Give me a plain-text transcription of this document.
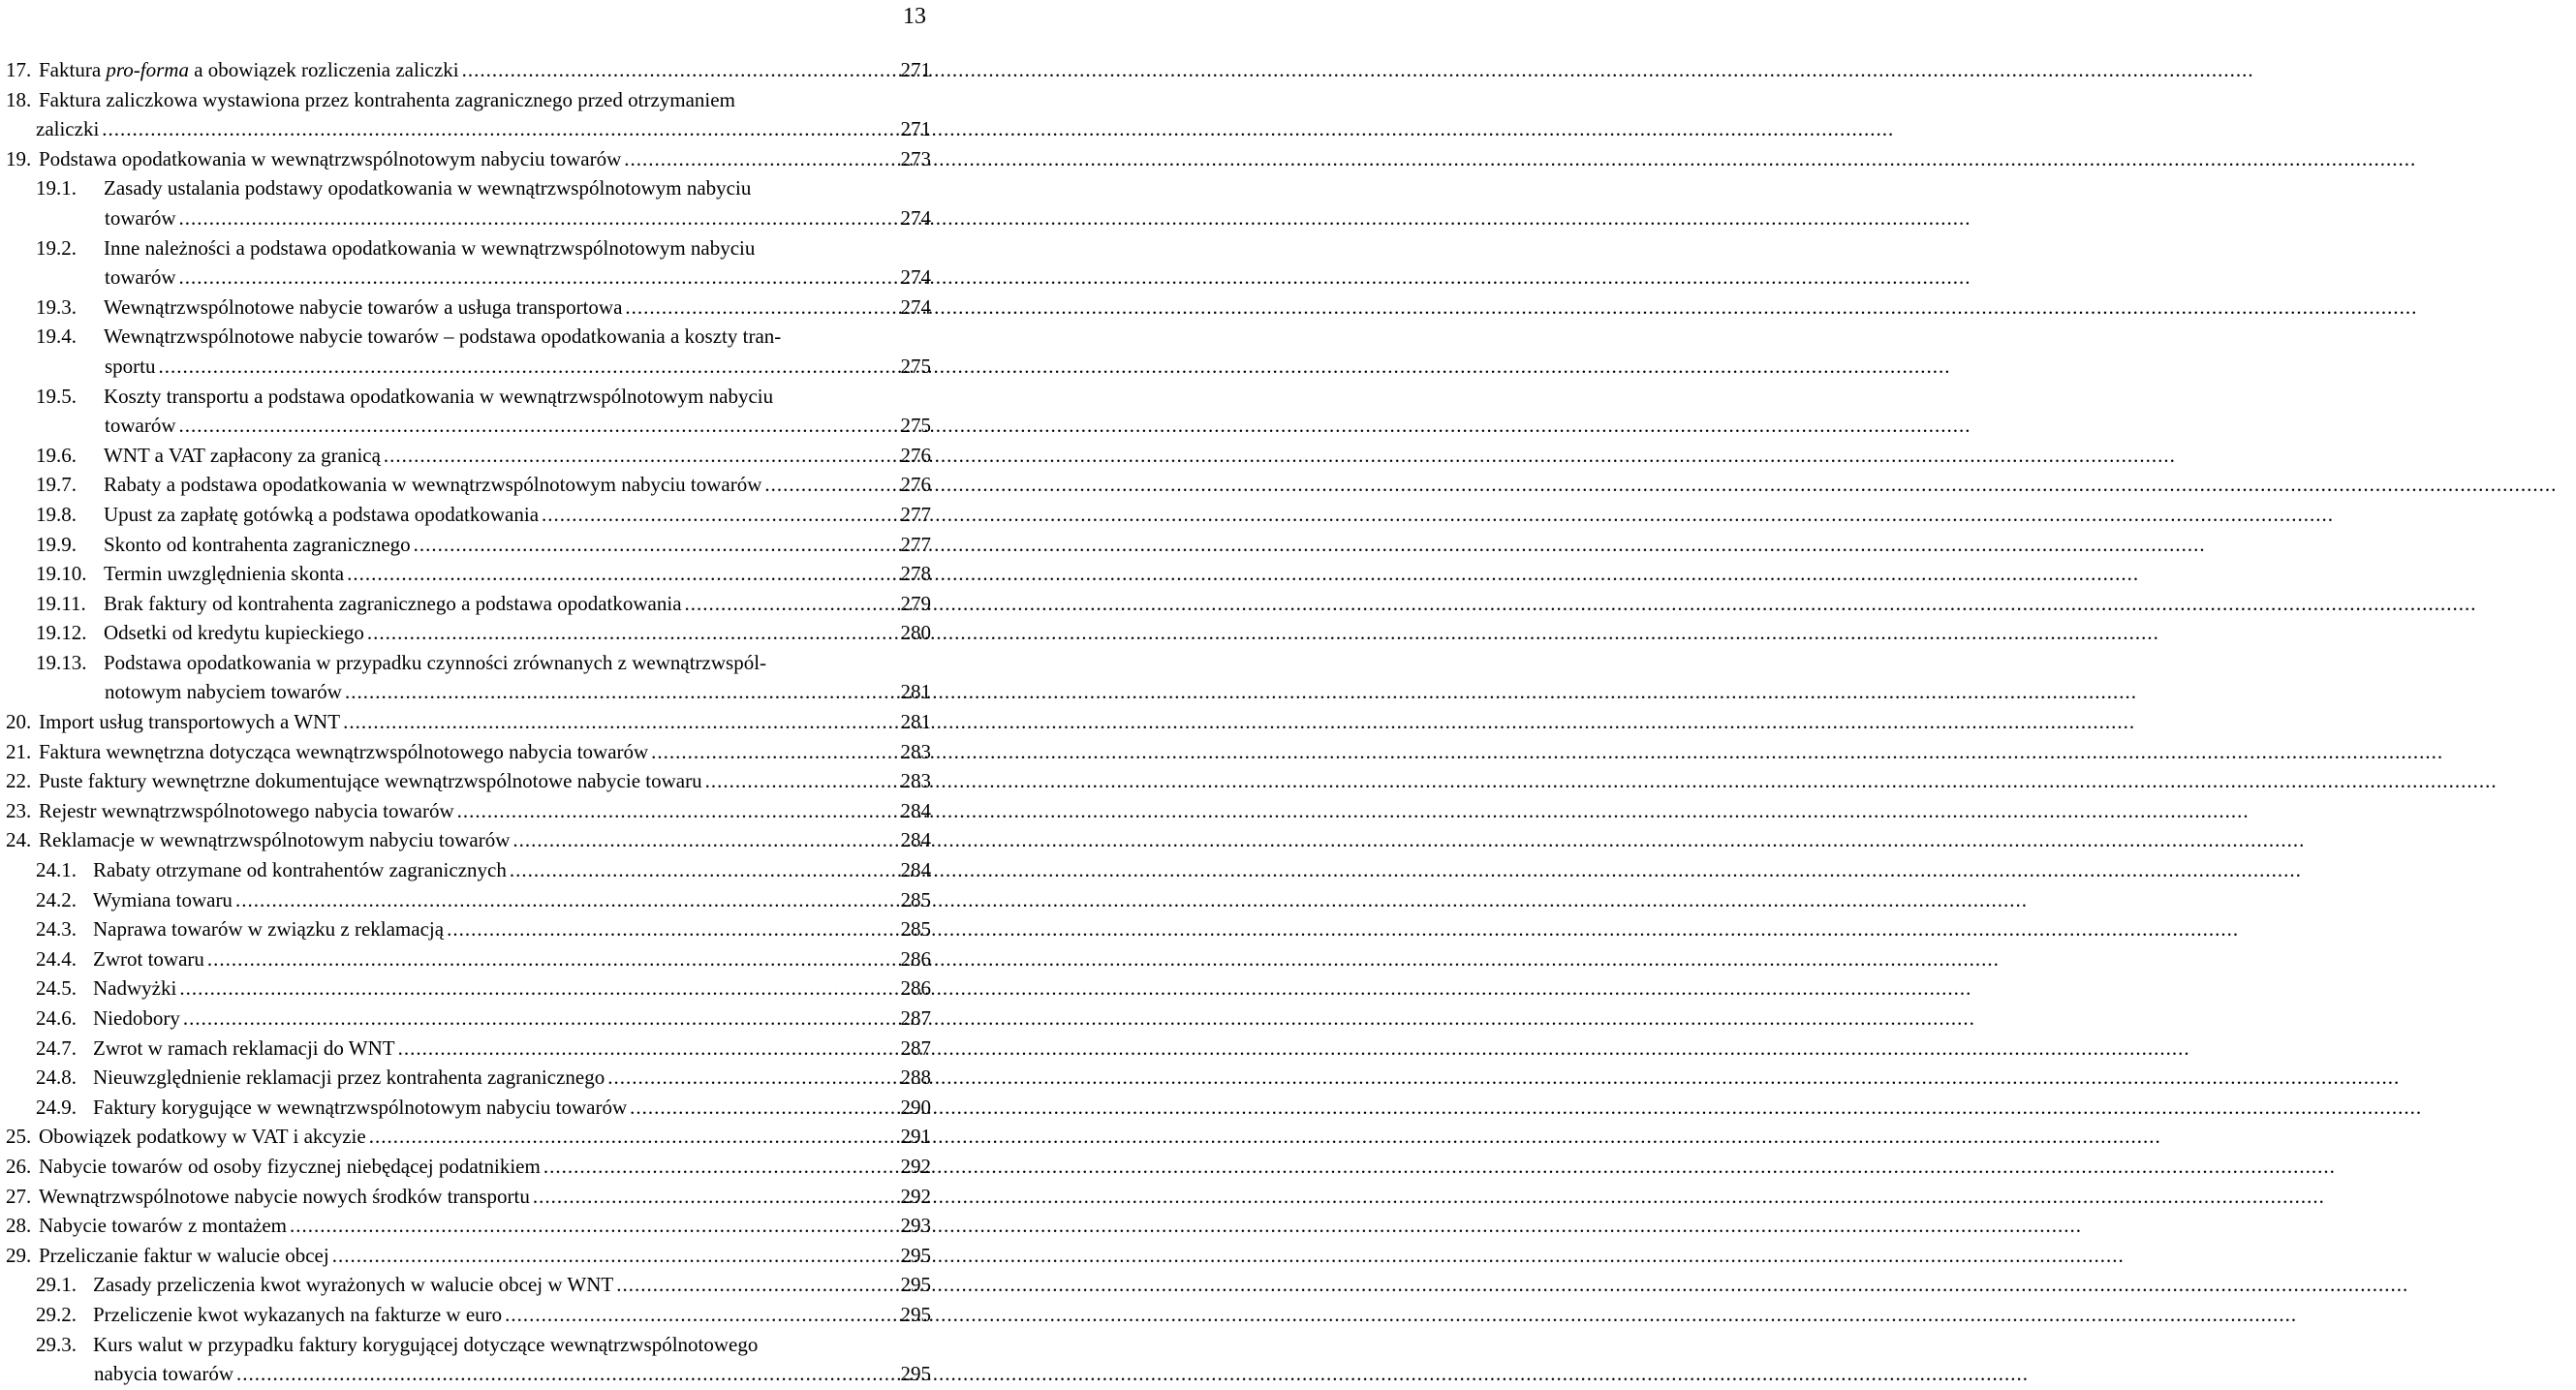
13
17. Faktura pro-forma a obowiązek rozliczenia zaliczki .....	271
18. Faktura zaliczkowa wystawiona przez kontrahenta zagranicznego przed otrzymaniem
zaliczki .....	271
19. Podstawa opodatkowania w wewnątrzwspólnotowym nabyciu towarów .....	273
19.1.	Zasady ustalania podstawy opodatkowania w wewnątrzwspólnotowym nabyciu
towarów .....	274
19.2.	Inne należności a podstawa opodatkowania w wewnątrzwspólnotowym nabyciu
towarów .....	274
19.3.	Wewnątrzwspólnotowe nabycie towarów a usługa transportowa .....	274
19.4.	Wewnątrzwspólnotowe nabycie towarów – podstawa opodatkowania a koszty tran-
sportu .....	275
19.5.	Koszty transportu a podstawa opodatkowania w wewnątrzwspólnotowym nabyciu
towarów .....	275
19.6.	WNT a VAT zapłacony za granicą .....	276
19.7.	Rabaty a podstawa opodatkowania w wewnątrzwspólnotowym nabyciu towarów .....	276
19.8.	Upust za zapłatę gotówką a podstawa opodatkowania .....	277
19.9.	Skonto od kontrahenta zagranicznego .....	277
19.10. Termin uwzględnienia skonta .....	278
19.11. Brak faktury od kontrahenta zagranicznego a podstawa opodatkowania .....	279
19.12. Odsetki od kredytu kupieckiego .....	280
19.13. Podstawa opodatkowania w przypadku czynności zrównanych z wewnątrzwspól-
notowym nabyciem towarów .....	281
20. Import usług transportowych a WNT .....	281
21. Faktura wewnętrzna dotycząca wewnątrzwspólnotowego nabycia towarów .....	283
22. Puste faktury wewnętrzne dokumentujące wewnątrzwspólnotowe nabycie towaru .....	283
23. Rejestr wewnątrzwspólnotowego nabycia towarów .....	284
24. Reklamacje w wewnątrzwspólnotowym nabyciu towarów .....	284
24.1. Rabaty otrzymane od kontrahentów zagranicznych .....	284
24.2. Wymiana towaru .....	285
24.3. Naprawa towarów w związku z reklamacją .....	285
24.4. Zwrot towaru .....	286
24.5. Nadwyżki .....	286
24.6. Niedobory .....	287
24.7. Zwrot w ramach reklamacji do WNT .....	287
24.8. Nieuwzględnienie reklamacji przez kontrahenta zagranicznego .....	288
24.9. Faktury korygujące w wewnątrzwspólnotowym nabyciu towarów .....	290
25. Obowiązek podatkowy w VAT i akcyzie .....	291
26. Nabycie towarów od osoby fizycznej niebędącej podatnikiem .....	292
27. Wewnątrzwspólnotowe nabycie nowych środków transportu .....	292
28. Nabycie towarów z montażem .....	293
29. Przeliczanie faktur w walucie obcej .....	295
29.1. Zasady przeliczenia kwot wyrażonych w walucie obcej w WNT .....	295
29.2. Przeliczenie kwot wykazanych na fakturze w euro .....	295
29.3. Kurs walut w przypadku faktury korygującej dotyczące wewnątrzwspólnotowego
nabycia towarów .....	295
